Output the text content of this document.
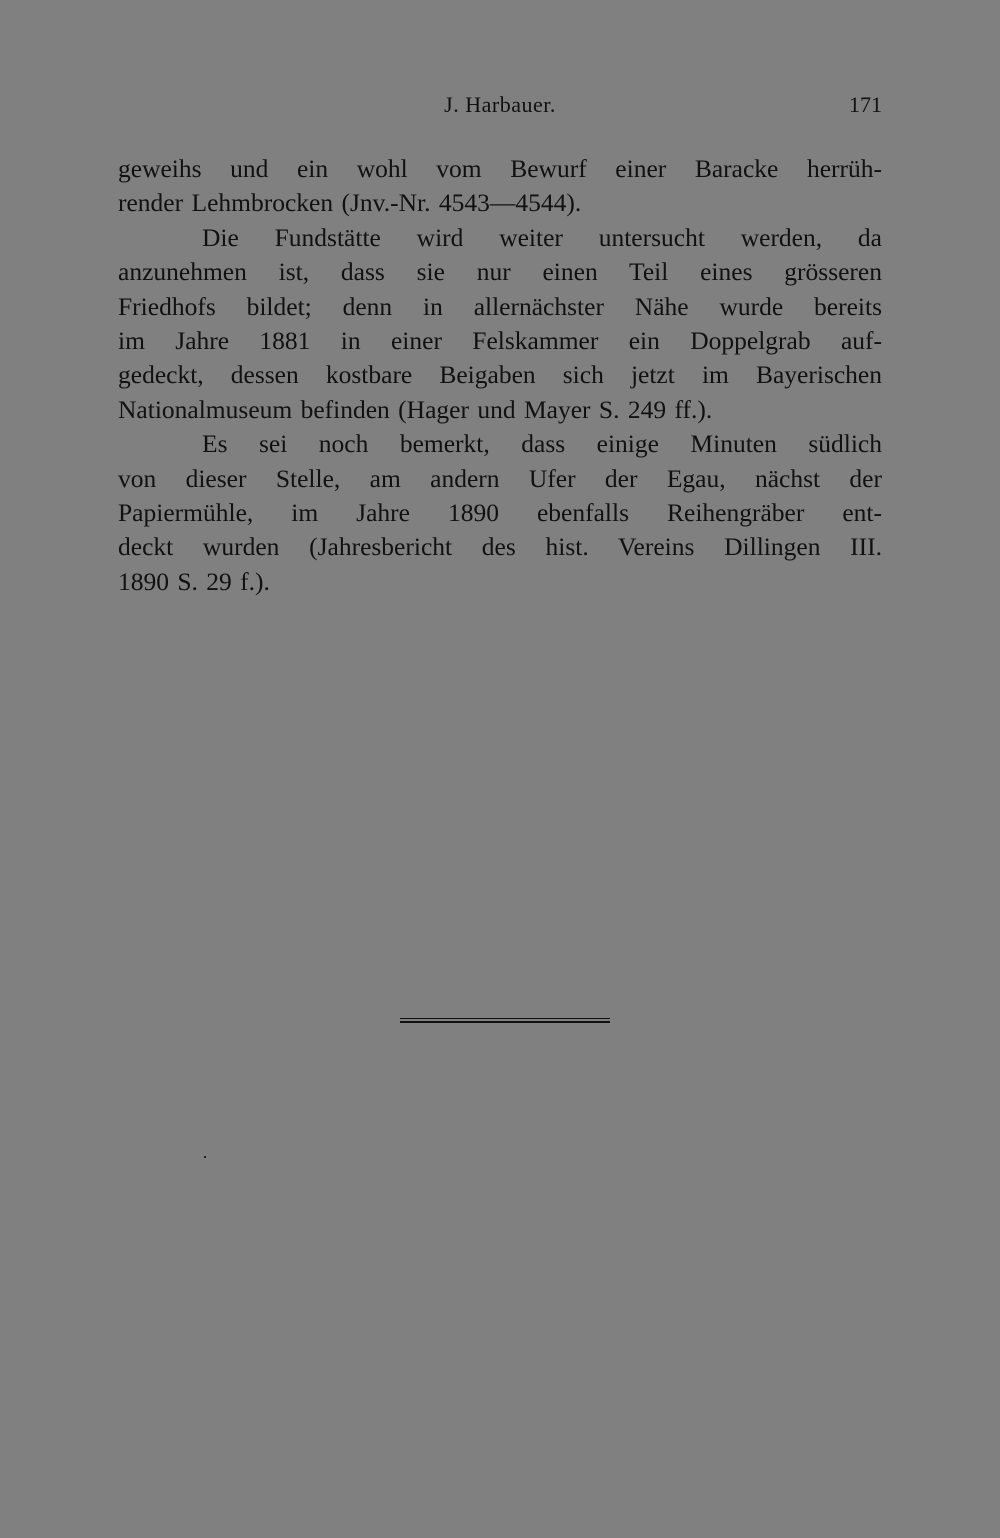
J. Harbauer.	171
geweihs und ein wohl vom Bewurf einer Baracke herrüh-
render Lehmbrocken (Jnv.-Nr. 4543—4544).
Die Fundstätte wird weiter untersucht werden, da
anzunehmen ist, dass sie nur einen Teil eines grösseren
Friedhofs bildet; denn in allernächster Nähe wurde bereits
im Jahre 1881 in einer Felskammer ein Doppelgrab auf-
gedeckt, dessen kostbare Beigaben sich jetzt im Bayerischen
Nationalmuseum befinden (Hager und Mayer S. 249 ff.).
Es sei noch bemerkt, dass einige Minuten südlich
von dieser Stelle, am andern Ufer der Egau, nächst der
Papiermühle, im Jahre 1890 ebenfalls Reihengräber ent-
deckt wurden (Jahresbericht des hist. Vereins Dillingen III.
1890 S. 29 f.).
